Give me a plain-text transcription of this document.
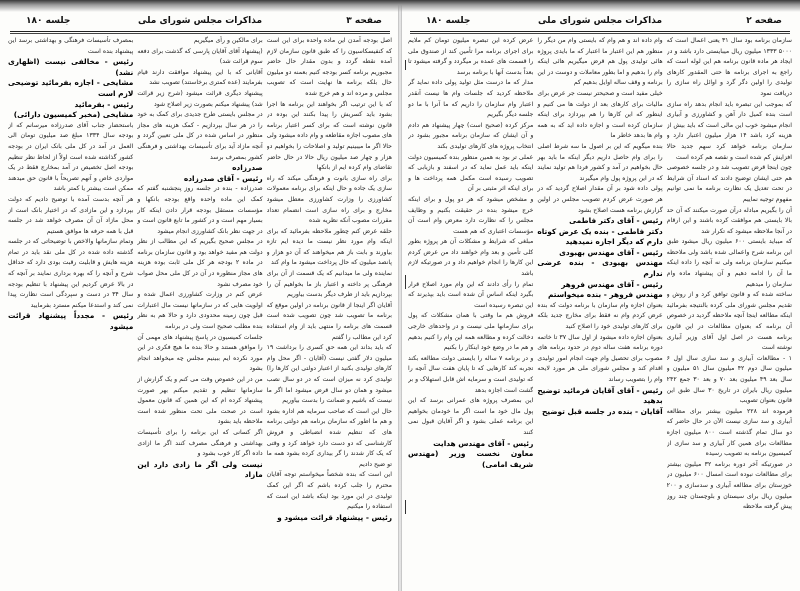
صفحه ۳
مذاکرات مجلس شورای ملی
جلسه ۱۸۰

اصل بودجه آمدن این ماده واحده برای این است که کنفیسکاسیون را که طبق قانون سازمان لازم آمده نقطه گردد و بدون مقدار حال حاضر مجبوریم برنامه کسر بودجه کنیم بعمنه دو میلیون حال بلکه برنامه ها نهایت است که تصویب مجلس و مرده اند و هم خرج شده

که با این ترتیب اگر بخواهند این برنامه ها اجرا بشود باید کسریش را پیدا بکنند این بوده در قانون نوشته است که برای کسر اعتبار برنامه های مصوب اجازه مقاطعه و وام داده میشود ولی حالا اگر ما میبینیم تولید و اصلاحات را بخواهیم دو هزار و چهار صد میلیون ریال حالا در حال حاضر تقاضای وام کرده ایم از بانکها

برای راه سازی بانوت و فرهنگی میکند که راه سازی یک جاده و حال اینکه برای برنامه معمولات کشاورزی را وزارت کشاورزی معطل میشود مخارج و برای راه سازی است انضمام تعداد مقررات مصوب آنکه نظریه شده

حلقه عرض کنم چطور ملاحظه بفرمائید که برای اینکه وام مورد نظر نیست ما دیده ایم تازه بیاورند و بابت باز هم میخواهند که آن دو هزار و پانصد میلیون که حال پرداخت میشود ما وام کند

نماینده ولی ما میدانیم که یک قسمت از آن برای فرهنگی پر داخته و اعتبار باز ما بخواهیم آن را بپردازیم باید از طرف دیگر بدست بیاوریم

آقایان اگر اینجا از قانون برنامه در اولین موقع که برنامه ما تصویب شد چون تصویب شده است قسمت های برنامه را منتهی باید از وام استفاده کرد این مطالب را گفتم

که باید بداند این همه حق کسری را برداشت ۱۹ میلیون دلار گفتی نیست (آقایان - اگر محل وام کارهای تولیدی بکنید از اعتبار دولتی این کارها را) تولیدی کرد نه میزان است که در دو سال نصب میشود و همان دو سال قرض میشود اما اگر ما نیست که باشیم و ضمانت را بدست بیاوریم

حال این است که صاحب سرمایه هم اداره بشود و هم ما اطور که سازمان برنامه هم دولتی برنامه های که تنظیم شده انضباطی و فروش کارشناسی که دو دست دارد خواهد کرد و وقتی که یک کار شدند را گر بیداری کرده بشود همه ما تو ضیح دادیم

این است که بنده شخصاً میخواستم توجه آقایان محترم را جلب کرده باشم که اگر این کمک تولیدی در این مورد بود اینکه باشد این است که استفاده را میکنیم

رئیس - پیشنهاد قرائت میشود و

برای مالکین و رأی میگیریم

(پیشنهاد آقای آقایان پارسی که گذشت برای دفعه سوم قرائت شد)

آقایانی که با این پیشنهاد موافقت دارند قیام بفرمایند (عده کمتری برخاستند) تصویب نشد

پیشنهاد دیگری قرائت میشود (شرح زیر قرائت شد) پیشنهاد میکنم بصورت زیر اصلاح شود

در مجلس بایستی طرح جدیدی برای کمک به خود را در هر سال بپردازیم - کمک هزینه های مجاز منظور در اساس شده در کل ملی تعیین گردد و آنچه مازاد آید برای تأسیسات بهداشتی و فرهنگی کشور بمصرف برسد

صدرزاده

رئیس - آقای صدرزاده

صدرزاده - بنده در جلسه روز پنجشنبه گفتم که کمک این ماده واحده واقع بودجه بانکها و مؤسسات مستقل بودجه قرار دادن اینکه کار بسیار مهم است و در کشور ما تابع قانون است و در جهت نظر بانک کشاورزی انجام میشود

در مجلس صحیح بگیریم که این مطالب از نظر دولت هم مفید خواهد بود و قانون سازمان برنامه در ماده ۲ بودجه هر کل ملی ثابت بوده هزینه های مجاز منظوره در آن در کل ملی محل صواب خود مصرف نشود

عرض کنم در وزارت کشاورزی اعمال شده و اولویت هایی که در سازمانها نیست مال اعتبارات قبل چون زمینه محدودی دارد و حالا هم به نظر بنده مطلب صحیح است ولی در برنامه

جلسات کمیسیون در پاسخ پیشنهاد های مهمی آن را موافق هستند و حالا بنده ما هیچ فکری در این مورد نکرده ایم ببینیم مجلس چه میخواهد انجام بشود

من در این خصوص وقت می کنم و یک گزارش از سازمانها تنظیم و تقدیم میکنم بهر صورت پیشنهاد کرده ام که این همین که قانون معمول است در صحت ملی تحت منظور شده است ملاحظه باید بشود

اگر کسانی که این برنامه را برای تأسیسات بهداشتی و فرهنگی مصرف کنند اگر ما ازادی داده اگر کار خوب بشود و

نیست ولی اگر ما زادی دارد این مازاد

بمصرف تأسیسات فرهنگی و بهداشتی برسد این پیشنهاد بنده است

رئیس - مخالفی نیست (اظهاری نشد)

مشایخی - اجازه بفرمائید توضیحی لازم است

رئیس - بفرمائید

مشایخی (مخبر کمیسیون دارائی)

باستحضار جناب آقای صدرزاده میرسانم که از بودجه سال ۱۳۳۴ مبلغ صد میلیون تومان الی العمل در آمد در کل ملی بانک ایران در بودجه کشور گذاشته شده است اولاً از لحاظ نظر تنظیم بودجه اصل تخصیص در آمد بمخارج فقط در یک مواردی خاص و آنهم تصریحاً با قانون حق میدهند ممکن است بیشتر یا کمتر باشد

هر آنچه بدست آمده با توضیح دادیم که دولت بپردازد و این مازادی که در اختیار بانک است از محل مازاد آن آن مصرف خواهد شد در جلسه قبل با همه حرفه ها موافق هستیم

وتمام سازمانها والاخص با توضیحاتی که در جلسه گذشته داده شده در کل ملی نقد باید در تمام هزینه هایش و قابلیت رقبت بودی دارد که حداقل شرح و آنچه را که بهره برداری نمایند بر آنچه که در بالا عرض کردیم این پیشنهاد با تنظیم بودجه سال ۳۴ در دست و سپردگی است نظارت پیدا نمی کند و استدعا میکنم مسترد بفرمایید

رئیس - مجدداً پیشنهاد قرائت میشود

صفحه ۲
مذاکرات مجلس شورای ملی
جلسه ۱۸۰

سازمان برنامه بود سال ۳۱ یعنی اعمال است که ۵۰۰۰ ۱۳۳۳ میلیون ریال میبایستی دارد باشد و در ایجاد هر ماده قانون برنامه هم این لوله است که راجع به اجرای برنامه ها حتی المقدور کارهای تولیدی را اولین دگر گرد و اوائل راه سازی را دریافت نمود

که بموجب این تبصره باید انجام بدهد راه سازی است بنده کمیل دار آهن و کشاورزی و آبیاری انجام میشود خوب این مالی است که باید بیش از هزینه کرد باشد ۱۴ هزار میلیون اعتبار دارد و سازمان برنامه خواهد کرد سهم جدید حالا افزایش کم شده است و نقصه هم کرده است

چون اینجا قرض تصویب شد و در جلسه خصوصی هم حتی ایشان توضیح دادند که اسناد آن شرایط در تحت تعدیل یک نظارت برنامه ما نمی توانیم مفهوم توجیه نماییم

آن را بگیریم مبادله درآن صورت میکنند که آن حد بالا بایستی هم موافقت کرده باشند و این ارقام در آنجا ملاحظه میشود که تکرار شد

که میباید بایستی ۶۰۰ میلیون ریال میشود طبق این برنامه شرح واعمالی شده باشد ولی ملاحظه میکنیم سازمان برنامه ولی نه آنچه را داده اینکه ما آن را ادامه دهیم و آن پیشنهاد ماده وام سازمان را میدهیم

ساخته شده که و قانون توافق کرد و از روش و تقدیم مجلس شورای ملی کرده بالنتیجه بفرمائید اینکه مطالعه اینجا آنچه ملاحظه گردید در خصوص آن برنامه که بعنوان مطالعات در این قانون برنامه هست در اصل اول آقای وزیر آبیاری نوشته است

۱ - مطالعات آبیاری و سد سازی سال اول ۶ میلیون سال دوم ۴۲ میلیون سال ۵۱ میلیون و سال بعد ۴۹ میلیون بعد ۷۰ و بعد ۳۰ جمع ۲۴۲ میلیون ریال بایران در تاریخ ۳۰ سال طبق این قانون بعنوان تصویب

فرموده اند ۲۲۸ میلیون بیشتر برای مطالعه آبیاری و سد سازی نیست الآن در حال حاضر که دو سال تمام گذشته است ۸۰۰ میلیون اجازه مطالعات برای همین کار آبیاری و سد سازی از کمیسیون برنامه به تصویب رسیده

در صورتیکه آخر دوره برنامه ۳۲ میلیون بیشتر برای مطالعات نبوده است امسال ۶۰۰ میلیون در خوزستان برای مطالعه آبیاری و سدسازی و ۲۰۰ میلیون ریال برای سیستان و بلوچستان چند روز پیش گرفته ملاحظه

وام داده اند و هم وام که بایستی وام من دیگر را منظور هم این اعتبار ما اعتبار که ما بایدی پروژه هائی تولیدی پول هم قرض میگیریم هائی اینکه وام را بدهیم و اما بطور معاملات و دوست در این برنامه و وقف ساله اوایل بدهیم کم

خیلی مفید است و صحیحتر نیست جر عرض برای مالیات برای کارهای بعد از دولت ها می کنیم و اینطور که این کارها را هم بپردازد برای اینکه سازمان کرده است و اجازه داده اید که به همه وام ها بدهد خاطر ما

بنده میگویم که این بر اصول ما سه شرط اصلی را برای وام حاصل داریم دیگر اینکه ما باید بهر حال بخواهیم در آمد و کشور فردا هم تولید نمایند که در این پروژه پول وام میگیرند

پولی داده شود بر آن مقدار اصلاح گردید که در هر صورت عرض کردم تصویب مجلس در اولین گزارش برنامه هست اصلاح بشود

رئیس - آقای دکتر فاطمی

دکتر فاطمی - بنده یک عرض کوتاه دارم که دیگر اجازه نمیدهید

رئیس - آقای مهندس بهبودی

مهندس بهبودی - بنده عرضی ندارم

رئیس - آقای مهندس فروهر

مهندس فروهر - بنده میخواستم

بعنوان اجازه وام سازمان با برنامه دولت که بنده عرض کردم وام نه فقط برای مخارج جدید بلکه برای کارهای تولیدی خود را اصلاح کنید

بعنوان اجازه داده میشود از اول سال ۳۷ تا خاتمه دوره برنامه هفت ساله دوم در حدود برنامه های مصوب برای تحصیل وام جهت انجام امور تولیدی اقدام کند و مجلس شورای ملی هر مورد لایحه وام را بتصویب رساند

رئیس - آقای آقایان فرمائید توضیح بدهید

آقایان - بنده در جلسه قبل توضیح

عرض کرده این تبصره میلیون تومان کم ملایم براى اجراى برنامه مرا تأمین کند از صندوق ملی را قسمت های عمده بر میگردد و گرفته میشود تا بعداً بدست آنها با برنامه برسد

مدار که ما درست مثل تولید پولی داده نماید گر ملاحظه کردید که جلسات وام ها نیست آنقدر اعتبار وام سازمان را داریم که ما آنرا با ما دو جلسه دیگر بگیریم

مرکز کرده (صحیح است) چهار پیشنهاد هم دادم و آن ایشان که سازمان برنامه مجبور بشود در انتخاب پروژه های کارهای تولیدی بکند

عملی تر بود به همین منظور بنده کمیسیون دولت اینکه باید عمل نماید که در اسفند و بازیابی که تصویب رسیده است مکمل همه پرداخت ها و برای اینکه اثر مثبتی بر آن

و مشخص میشود که هر دو پول و برای اینکه خرج میشود بنده در حقیقت بکنیم و وظایف مجلس را که نظارت دارد معرض وام است آن مؤسسات اعتباری که هم هست

مبلغی که شرایط و مشکلات آن هر پروژه بطور کلی تأمین و بعد وام خواهند داد من عرض کردم این کارها را انجام خواهیم داد و در صورتیکه لازم باشد

تمام را رأی دادند که این وام مورد اصلاح قرار بگیرد اینکه اساس آن شده است باید بپذیرند که این تبصره رسیده است

فروش هم ما وقتی با همان مشکلات که پول برای سازمانها ملی نیست و در واحدهای خارجی دخالت کرده و مطالعه همه این وام را کنیم بدهیم و هم ما در وضع خود اینکار را بکنیم

و در برنامه ۷ ساله را بایستی دولت مطالعه بکند تجربه کند کارهایی که تا پایان هفت سال آنچه را که تولیدی است و سرمایه اش قابل استهلاک و بر گشت است اجازه بدهد

این بمصرف پروژه های عمرانی برسد که این پول مال خود ما است اگر ما خودمان بخواهیم این برنامه عملی بشود و اگر آقایان قبول نمی کنند

رئیس - آقای مهندس هدایت

معاون نخست وزیر (مهندس شریف امامی)
